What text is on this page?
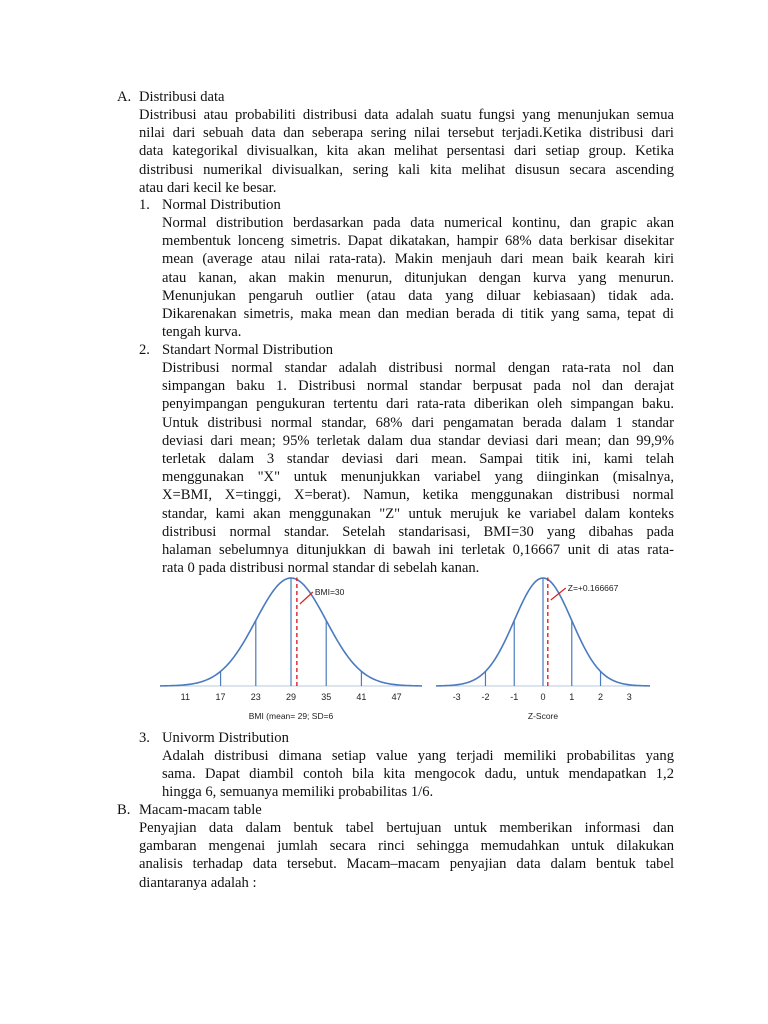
A. Distribusi data
Distribusi atau probabiliti distribusi data adalah suatu fungsi yang menunjukan semua
nilai dari sebuah data dan seberapa sering nilai tersebut terjadi.Ketika distribusi dari
data kategorikal divisualkan, kita akan melihat persentasi dari setiap group. Ketika
distribusi numerikal divisualkan, sering kali kita melihat disusun secara ascending
atau dari kecil ke besar.
1. Normal Distribution
Normal distribution berdasarkan pada data numerical kontinu, dan grapic akan
membentuk lonceng simetris. Dapat dikatakan, hampir 68% data berkisar disekitar
mean (average atau nilai rata-rata). Makin menjauh dari mean baik kearah kiri
atau kanan, akan makin menurun, ditunjukan dengan kurva yang menurun.
Menunjukan pengaruh outlier (atau data yang diluar kebiasaan) tidak ada.
Dikarenakan simetris, maka mean dan median berada di titik yang sama, tepat di
tengah kurva.
2. Standart Normal Distribution
Distribusi normal standar adalah distribusi normal dengan rata-rata nol dan
simpangan baku 1. Distribusi normal standar berpusat pada nol dan derajat
penyimpangan pengukuran tertentu dari rata-rata diberikan oleh simpangan baku.
Untuk distribusi normal standar, 68% dari pengamatan berada dalam 1 standar
deviasi dari mean; 95% terletak dalam dua standar deviasi dari mean; dan 99,9%
terletak dalam 3 standar deviasi dari mean. Sampai titik ini, kami telah
menggunakan "X" untuk menunjukkan variabel yang diinginkan (misalnya,
X=BMI, X=tinggi, X=berat). Namun, ketika menggunakan distribusi normal
standar, kami akan menggunakan "Z" untuk merujuk ke variabel dalam konteks
distribusi normal standar. Setelah standarisasi, BMI=30 yang dibahas pada
halaman sebelumnya ditunjukkan di bawah ini terletak 0,16667 unit di atas rata-
rata 0 pada distribusi normal standar di sebelah kanan.
BMI=30
11	17	23	29	35	41	47
BMI (mean= 29; SD=6
Z=+0.166667
-3 -2 -1 0	1	2	3
Z-Score
3. Univorm Distribution
Adalah distribusi dimana setiap value yang terjadi memiliki probabilitas yang
sama. Dapat diambil contoh bila kita mengocok dadu, untuk mendapatkan 1,2
hingga 6, semuanya memiliki probabilitas 1/6.
B. Macam-macam table
Penyajian data dalam bentuk tabel bertujuan untuk memberikan informasi dan
gambaran mengenai jumlah secara rinci sehingga memudahkan untuk dilakukan
analisis terhadap data tersebut. Macam–macam penyajian data dalam bentuk tabel
diantaranya adalah :
